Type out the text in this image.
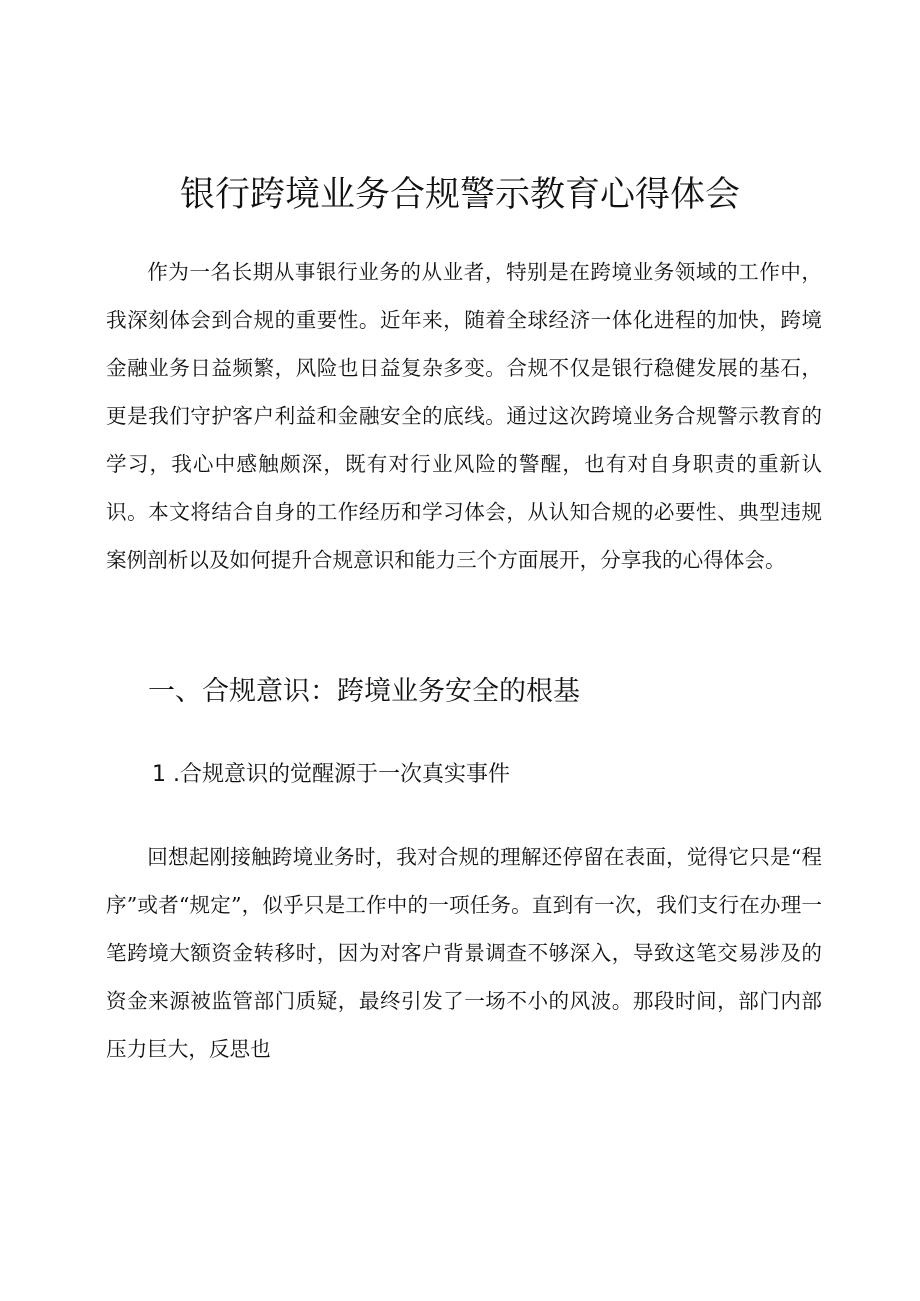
银行跨境业务合规警示教育心得体会

作为一名长期从事银行业务的从业者，特别是在跨境业务领域的工作中，我深刻体会到合规的重要性。近年来，随着全球经济一体化进程的加快，跨境金融业务日益频繁，风险也日益复杂多变。合规不仅是银行稳健发展的基石，更是我们守护客户利益和金融安全的底线。通过这次跨境业务合规警示教育的学习，我心中感触颇深，既有对行业风险的警醒，也有对自身职责的重新认识。本文将结合自身的工作经历和学习体会，从认知合规的必要性、典型违规案例剖析以及如何提升合规意识和能力三个方面展开，分享我的心得体会。

一、合规意识：跨境业务安全的根基
1 .合规意识的觉醒源于一次真实事件

回想起刚接触跨境业务时，我对合规的理解还停留在表面，觉得它只是“程序”或者“规定”，似乎只是工作中的一项任务。直到有一次，我们支行在办理一笔跨境大额资金转移时，因为对客户背景调查不够深入，导致这笔交易涉及的资金来源被监管部门质疑，最终引发了一场不小的风波。那段时间，部门内部压力巨大，反思也
